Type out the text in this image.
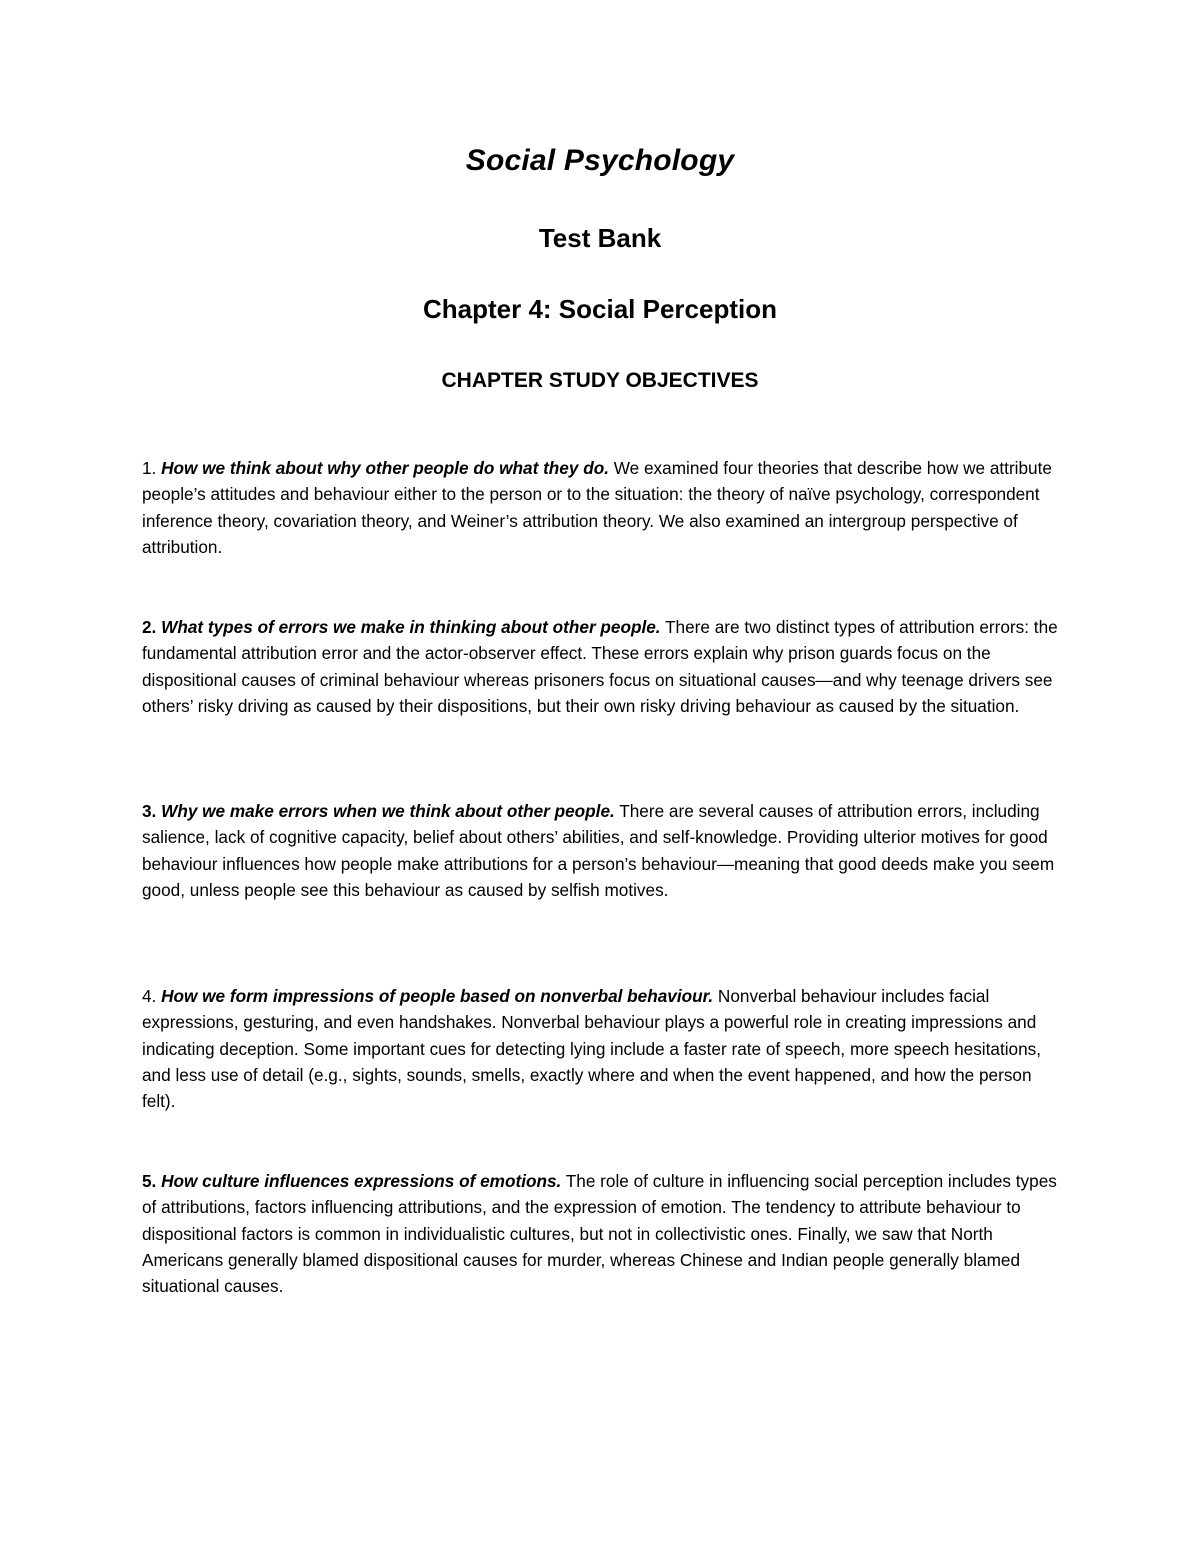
Social Psychology
Test Bank
Chapter 4: Social Perception
CHAPTER STUDY OBJECTIVES
1. How we think about why other people do what they do. We examined four theories that describe how we attribute people’s attitudes and behaviour either to the person or to the situation: the theory of naïve psychology, correspondent inference theory, covariation theory, and Weiner’s attribution theory. We also examined an intergroup perspective of attribution.
2. What types of errors we make in thinking about other people. There are two distinct types of attribution errors: the fundamental attribution error and the actor-observer effect. These errors explain why prison guards focus on the dispositional causes of criminal behaviour whereas prisoners focus on situational causes—and why teenage drivers see others’ risky driving as caused by their dispositions, but their own risky driving behaviour as caused by the situation.
3. Why we make errors when we think about other people. There are several causes of attribution errors, including salience, lack of cognitive capacity, belief about others’ abilities, and self-knowledge. Providing ulterior motives for good behaviour influences how people make attributions for a person’s behaviour—meaning that good deeds make you seem good, unless people see this behaviour as caused by selfish motives.
4. How we form impressions of people based on nonverbal behaviour. Nonverbal behaviour includes facial expressions, gesturing, and even handshakes. Nonverbal behaviour plays a powerful role in creating impressions and indicating deception. Some important cues for detecting lying include a faster rate of speech, more speech hesitations, and less use of detail (e.g., sights, sounds, smells, exactly where and when the event happened, and how the person felt).
5. How culture influences expressions of emotions. The role of culture in influencing social perception includes types of attributions, factors influencing attributions, and the expression of emotion. The tendency to attribute behaviour to dispositional factors is common in individualistic cultures, but not in collectivistic ones. Finally, we saw that North Americans generally blamed dispositional causes for murder, whereas Chinese and Indian people generally blamed situational causes.
